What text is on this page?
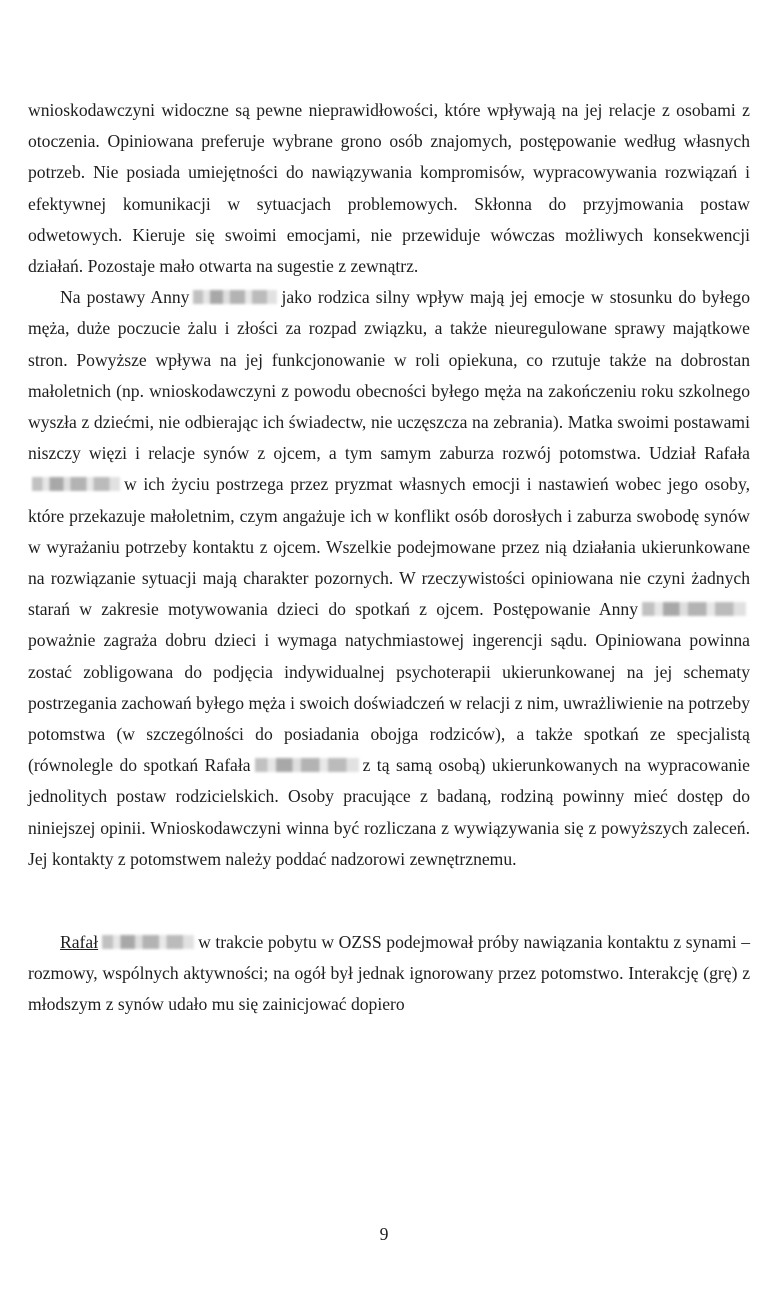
wnioskodawczyni widoczne są pewne nieprawidłowości, które wpływają na jej relacje z osobami z otoczenia. Opiniowana preferuje wybrane grono osób znajomych, postępowanie według własnych potrzeb. Nie posiada umiejętności do nawiązywania kompromisów, wypracowywania rozwiązań i efektywnej komunikacji w sytuacjach problemowych. Skłonna do przyjmowania postaw odwetowych. Kieruje się swoimi emocjami, nie przewiduje wówczas możliwych konsekwencji działań. Pozostaje mało otwarta na sugestie z zewnątrz.

Na postawy Anny	jako rodzica silny wpływ mają jej emocje w stosunku do byłego męża, duże poczucie żalu i złości za rozpad związku, a także nieuregulowane sprawy majątkowe stron. Powyższe wpływa na jej funkcjonowanie w roli opiekuna, co rzutuje także na dobrostan małoletnich (np. wnioskodawczyni z powodu obecności byłego męża na zakończeniu roku szkolnego wyszła z dziećmi, nie odbierając ich świadectw, nie uczęszcza na zebrania). Matka swoimi postawami niszczy więzi i relacje synów z ojcem, a tym samym zaburza rozwój potomstwa. Udział Rafaław ich życiu postrzega przez pryzmat własnych emocji i nastawień wobec jego osoby, które przekazuje małoletnim, czym angażuje ich w konflikt osób dorosłych i zaburza swobodę synów w wyrażaniu potrzeby kontaktu z ojcem. Wszelkie podejmowane przez nią działania ukierunkowane na rozwiązanie sytuacji mają charakter pozornych. W rzeczywistości opiniowana nie czyni żadnych starań w zakresie motywowania dzieci do spotkań z ojcem. Postępowanie Annypoważnie zagraża dobru dzieci i wymaga natychmiastowej ingerencji sądu. Opiniowana powinna zostać zobligowana do podjęcia indywidualnej psychoterapii ukierunkowanej na jej schematy postrzegania zachowań byłego męża i swoich doświadczeń w relacji z nim, uwrażliwienie na potrzeby potomstwa (w szczególności do posiadania obojga rodziców), a także spotkań ze specjalistą (równolegle do spotkań Rafała	z tą samą osobą) ukierunkowanych na wypracowanie jednolitych postaw rodzicielskich. Osoby pracujące z badaną, rodziną powinny mieć dostęp do niniejszej opinii. Wnioskodawczyni winna być rozliczana z wywiązywania się z powyższych zaleceń. Jej kontakty z potomstwem należy poddać nadzorowi zewnętrznemu.

Rafał	w trakcie pobytu w OZSS podejmował próby nawiązania kontaktu z synami – rozmowy, wspólnych aktywności; na ogół był jednak ignorowany przez potomstwo. Interakcję (grę) z młodszym z synów udało mu się zainicjować dopiero

9
